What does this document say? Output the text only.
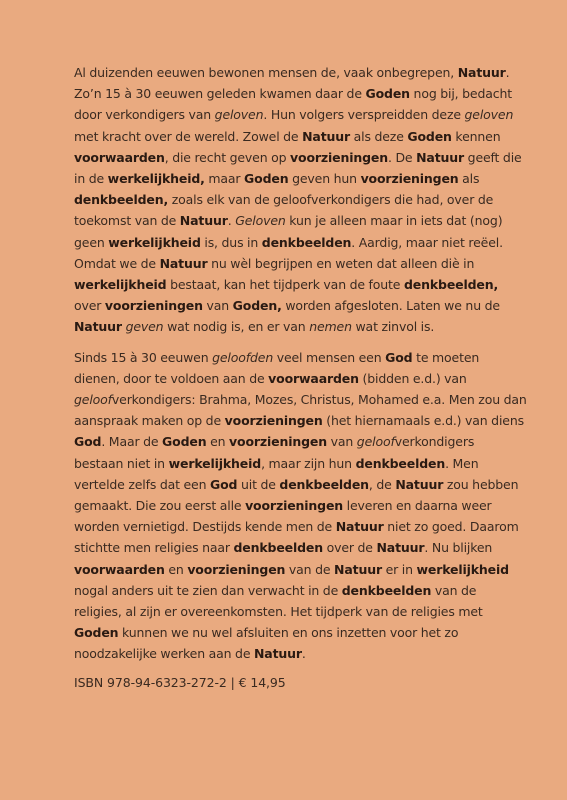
Al duizenden eeuwen bewonen mensen de, vaak onbegrepen, Natuur. Zo’n 15 à 30 eeuwen geleden kwamen daar de Goden nog bij, bedacht door verkondigers van geloven. Hun volgers verspreidden deze geloven met kracht over de wereld. Zowel de Natuur als deze Goden kennen voorwaarden, die recht geven op voorzieningen. De Natuur geeft die in de werkelijkheid, maar Goden geven hun voorzieningen als denkbeelden, zoals elk van de geloofverkondigers die had, over de toekomst van de Natuur. Geloven kun je alleen maar in iets dat (nog) geen werkelijkheid is, dus in denkbeelden. Aardig, maar niet reëel. Omdat we de Natuur nu wèl begrijpen en weten dat alleen diè in werkelijkheid bestaat, kan het tijdperk van de foute denkbeelden, over voorzieningen van Goden, worden afgesloten. Laten we nu de Natuur geven wat nodig is, en er van nemen wat zinvol is.

Sinds 15 à 30 eeuwen geloofden veel mensen een God te moeten dienen, door te voldoen aan de voorwaarden (bidden e.d.) van geloofverkondigers: Brahma, Mozes, Christus, Mohamed e.a. Men zou dan aanspraak maken op de voorzieningen (het hiernamaals e.d.) van diens God. Maar de Goden en voorzieningen van geloofverkondigers bestaan niet in werkelijkheid, maar zijn hun denkbeelden. Men vertelde zelfs dat een God uit de denkbeelden, de Natuur zou hebben gemaakt. Die zou eerst alle voorzieningen leveren en daarna weer worden vernietigd. Destijds kende men de Natuur niet zo goed. Daarom stichtte men religies naar denkbeelden over de Natuur. Nu blijken voorwaarden en voorzieningen van de Natuur er in werkelijkheid nogal anders uit te zien dan verwacht in de denkbeelden van de religies, al zijn er overeenkomsten. Het tijdperk van de religies met Goden kunnen we nu wel afsluiten en ons inzetten voor het zo noodzakelijke werken aan de Natuur.

ISBN 978-94-6323-272-2 | € 14,95
